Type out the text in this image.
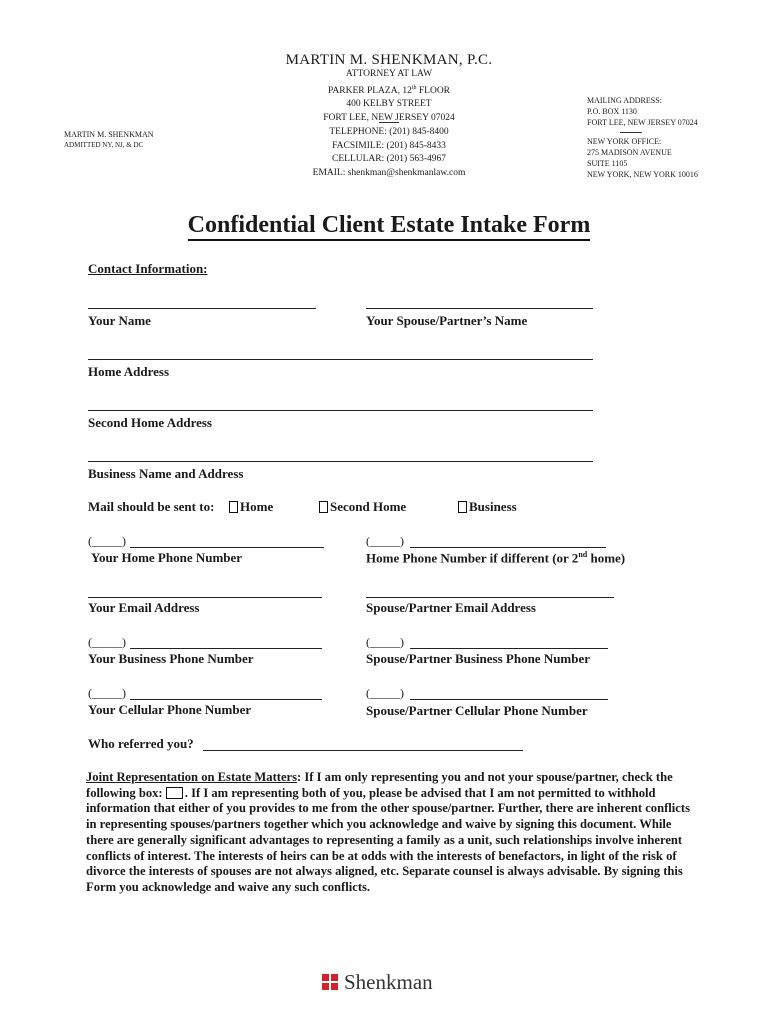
MARTIN M. SHENKMAN, P.C.
ATTORNEY AT LAW
PARKER PLAZA, 12th FLOOR
400 KELBY STREET
FORT LEE, NEW JERSEY 07024
TELEPHONE: (201) 845-8400
FACSIMILE: (201) 845-8433
CELLULAR: (201) 563-4967
EMAIL: shenkman@shenkmanlaw.com
MARTIN M. SHENKMAN
ADMITTED NY, NJ, & DC
MAILING ADDRESS:
P.O. BOX 1130
FORT LEE, NEW JERSEY 07024
NEW YORK OFFICE:
275 MADISON AVENUE
SUITE 1105
NEW YORK, NEW YORK 10016
Confidential Client Estate Intake Form
Contact Information:
Your Name	Your Spouse/Partner’s Name
Home Address
Second Home Address
Business Name and Address
Mail should be sent to:	Home	Second Home	Business
(_____)	(_____)
Your Home Phone Number	Home Phone Number if different (or 2nd home)
Your Email Address	Spouse/Partner Email Address
(_____)	(_____)
Your Business Phone Number	Spouse/Partner Business Phone Number
(_____)	(_____)
Your Cellular Phone Number	Spouse/Partner Cellular Phone Number
Who referred you?
Joint Representation on Estate Matters: If I am only representing you and not your spouse/partner, check the following box: . If I am representing both of you, please be advised that I am not permitted to withhold information that either of you provides to me from the other spouse/partner. Further, there are inherent conflicts in representing spouses/partners together which you acknowledge and waive by signing this document. While there are generally significant advantages to representing a family as a unit, such relationships involve inherent conflicts of interest. The interests of heirs can be at odds with the interests of benefactors, in light of the risk of divorce the interests of spouses are not always aligned, etc. Separate counsel is always advisable. By signing this Form you acknowledge and waive any such conflicts.
Shenkman
